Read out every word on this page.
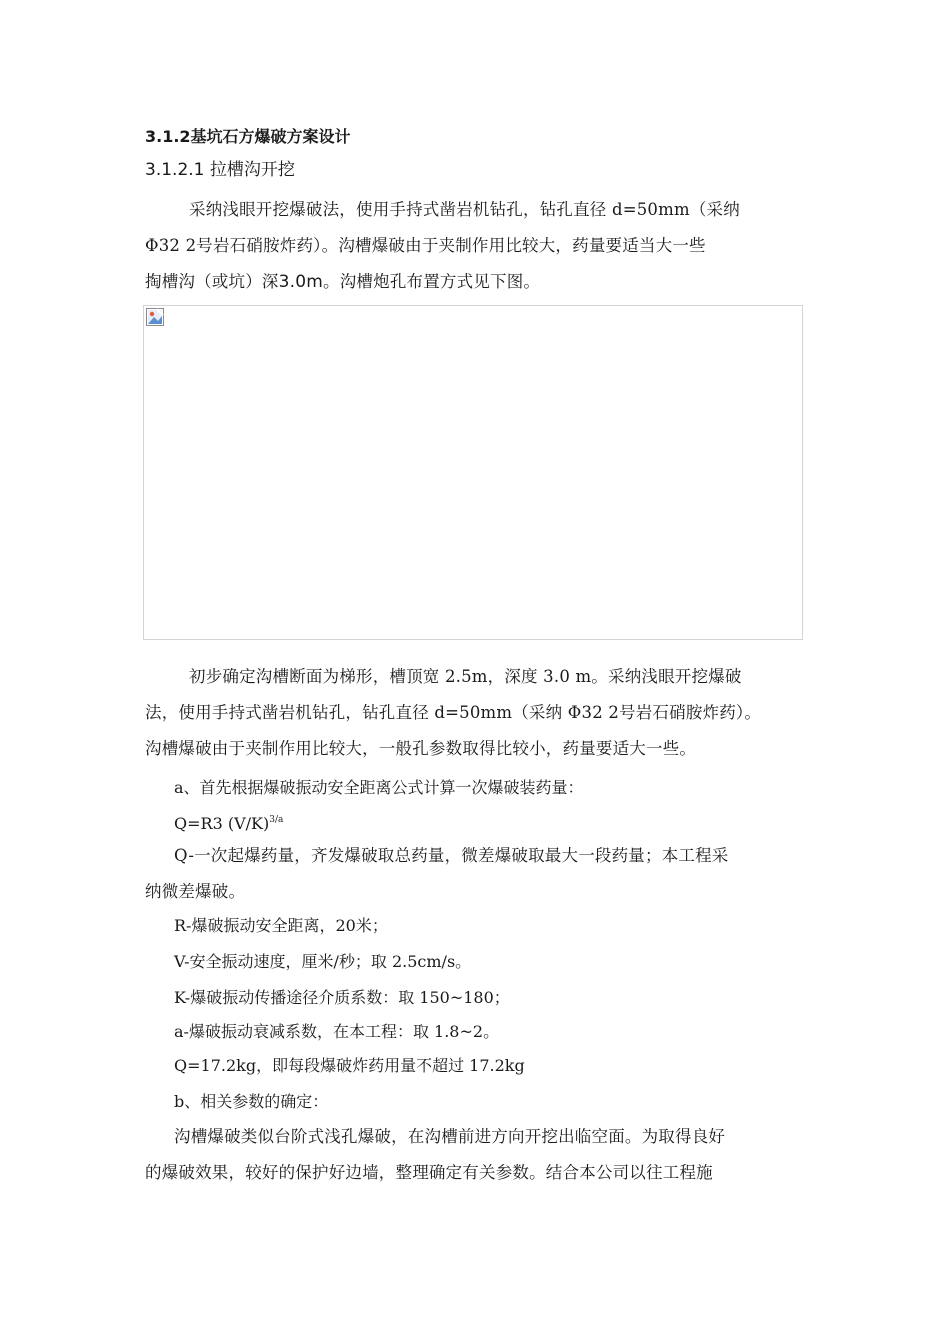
3.1.2基坑石方爆破方案设计
3.1.2.1 拉槽沟开挖
采纳浅眼开挖爆破法，使用手持式凿岩机钻孔，钻孔直径 d=50mm（采纳
Φ32 2号岩石硝胺炸药）。沟槽爆破由于夹制作用比较大，药量要适当大一些
掏槽沟（或坑）深3.0m。沟槽炮孔布置方式见下图。
初步确定沟槽断面为梯形，槽顶宽 2.5m，深度 3.0 m。采纳浅眼开挖爆破
法，使用手持式凿岩机钻孔，钻孔直径 d=50mm（采纳 Φ32 2号岩石硝胺炸药）。
沟槽爆破由于夹制作用比较大，一般孔参数取得比较小，药量要适大一些。
a、首先根据爆破振动安全距离公式计算一次爆破装药量：
Q=R3 $(V/K)^{3/a}$
Q-一次起爆药量，齐发爆破取总药量，微差爆破取最大一段药量；本工程采
纳微差爆破。
R-爆破振动安全距离，20米；
V-安全振动速度，厘米/秒；取 2.5cm/s。
K-爆破振动传播途径介质系数：取 150~180；
a-爆破振动衰减系数，在本工程：取 1.8~2。
Q=17.2kg，即每段爆破炸药用量不超过 17.2kg
b、相关参数的确定：
沟槽爆破类似台阶式浅孔爆破，在沟槽前进方向开挖出临空面。为取得良好
的爆破效果，较好的保护好边墙，整理确定有关参数。结合本公司以往工程施
